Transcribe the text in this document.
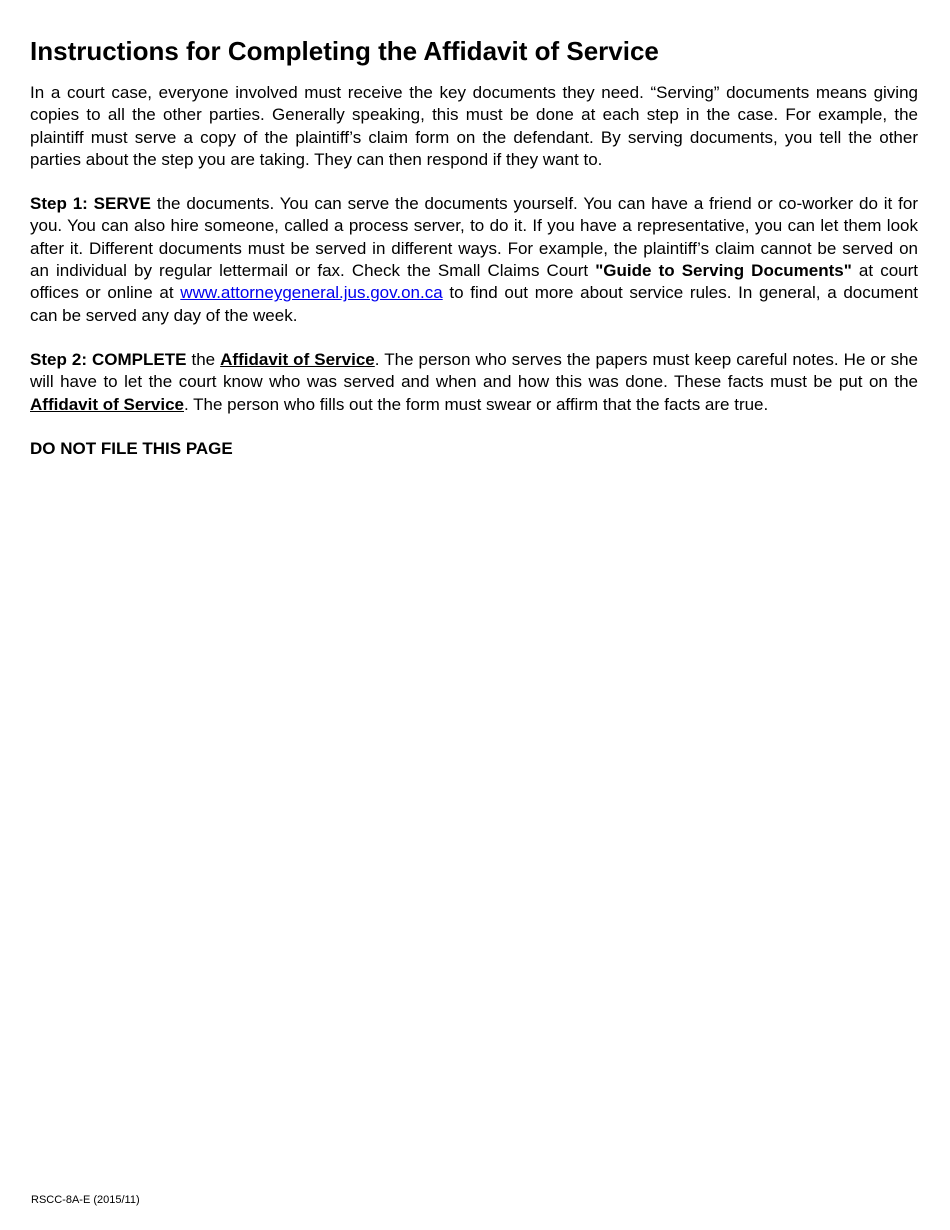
Instructions for Completing the Affidavit of Service

In a court case, everyone involved must receive the key documents they need. “Serving” documents means giving copies to all the other parties. Generally speaking, this must be done at each step in the case. For example, the plaintiff must serve a copy of the plaintiff’s claim form on the defendant. By serving documents, you tell the other parties about the step you are taking. They can then respond if they want to.

Step 1: SERVE the documents. You can serve the documents yourself. You can have a friend or co-worker do it for you. You can also hire someone, called a process server, to do it. If you have a representative, you can let them look after it. Different documents must be served in different ways. For example, the plaintiff’s claim cannot be served on an individual by regular lettermail or fax. Check the Small Claims Court "Guide to Serving Documents" at court offices or online at www.attorneygeneral.jus.gov.on.ca to find out more about service rules. In general, a document can be served any day of the week.

Step 2: COMPLETE the Affidavit of Service. The person who serves the papers must keep careful notes. He or she will have to let the court know who was served and when and how this was done. These facts must be put on the Affidavit of Service. The person who fills out the form must swear or affirm that the facts are true.

DO NOT FILE THIS PAGE
RSCC-8A-E (2015/11)
